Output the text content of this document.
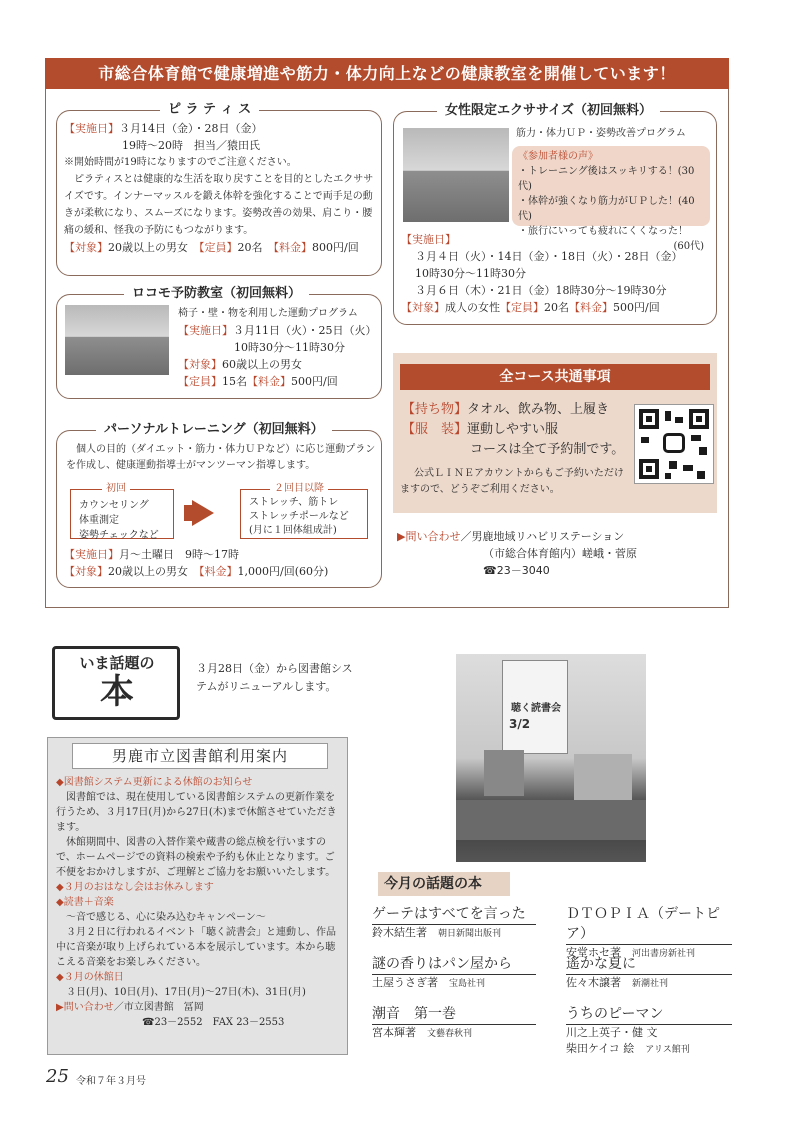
市総合体育館で健康増進や筋力・体力向上などの健康教室を開催しています！
ピ ラ テ ィ ス
【実施日】３月14日（金）・28日（金）
19時～20時　担当／猿田氏
※開始時間が19時になりますのでご注意ください。
　ピラティスとは健康的な生活を取り戻すことを目的としたエクササイズです。インナーマッスルを鍛え体幹を強化することで両手足の動きが柔軟になり、スムーズになります。姿勢改善の効果、肩こり・腰痛の緩和、怪我の予防にもつながります。
【対象】20歳以上の男女　 【定員】20名　 【料金】800円/回
ロコモ予防教室（初回無料）
椅子・壁・物を利用した運動プログラム
【実施日】３月11日（火）・25日（火）
10時30分～11時30分
【対象】60歳以上の男女
【定員】15名【料金】500円/回
パーソナルトレーニング（初回無料）
　個人の目的（ダイエット・筋力・体力ＵＰなど）に応じ運動プランを作成し、健康運動指導士がマンツーマン指導します。
カウンセリング
体重測定
姿勢チェックなど
初回
ストレッチ、筋トレ
ストレッチポールなど
(月に１回体組成計)
２回目以降
【実施日】月～土曜日　9時～17時
【対象】20歳以上の男女　 【料金】1,000円/回(60分)
女性限定エクササイズ（初回無料）
筋力・体力ＵＰ・姿勢改善プログラム
《参加者様の声》
・トレーニング後はスッキリする！(30代)
・体幹が強くなり筋力がＵＰした！(40代)
・旅行にいっても疲れにくくなった！
(60代)
【実施日】
３月４日（火）・14日（金）・18日（火）・28日（金）
10時30分～11時30分
３月６日（木）・21日（金）18時30分～19時30分
【対象】成人の女性【定員】20名【料金】500円/回
全コース共通事項
【持ち物】タオル、飲み物、上履き
【服　装】運動しやすい服
コースは全て予約制です。
公式ＬＩＮＥアカウントからもご予約いただけますので、どうぞご利用ください。
▶問い合わせ／男鹿地域リハビリステーション
（市総合体育館内）嵯峨・菅原
☎23－3040
いま話題の
本
３月28日（金）から図書館システムがリニューアルします。
男鹿市立図書館利用案内
◆図書館システム更新による休館のお知らせ
　図書館では、現在使用している図書館システムの更新作業を行うため、３月17日(月)から27日(木)まで休館させていただきます。
　休館期間中、図書の入替作業や蔵書の総点検を行いますので、ホームページでの資料の検索や予約も休止となります。ご不便をおかけしますが、ご理解とご協力をお願いいたします。
◆３月のおはなし会はお休みします
◆読書＋音楽
　～音で感じる、心に染み込むキャンペーン～
　３月２日に行われるイベント「聴く読書会」と連動し、作品中に音楽が取り上げられている本を展示しています。本から聴こえる音楽をお楽しみください。
◆３月の休館日
　３日(月)、10日(月)、17日(月)～27日(木)、31日(月)
▶問い合わせ／市立図書館　冨岡
☎23－2552　FAX 23－2553
聴く読書会
3/2
今月の話題の本
ゲーテはすべてを言った
鈴木結生著　 朝日新聞出版刊
ＤＴＯＰＩＡ（デートピア）
安堂ホセ著　 河出書房新社刊
謎の香りはパン屋から
土屋うさぎ著　 宝島社刊
遙かな夏に
佐々木譲著　 新潮社刊
潮音　第一巻
宮本輝著　 文藝春秋刊
うちのピーマン
川之上英子・健 文
柴田ケイコ 絵　 アリス館刊
25 令和７年３月号
